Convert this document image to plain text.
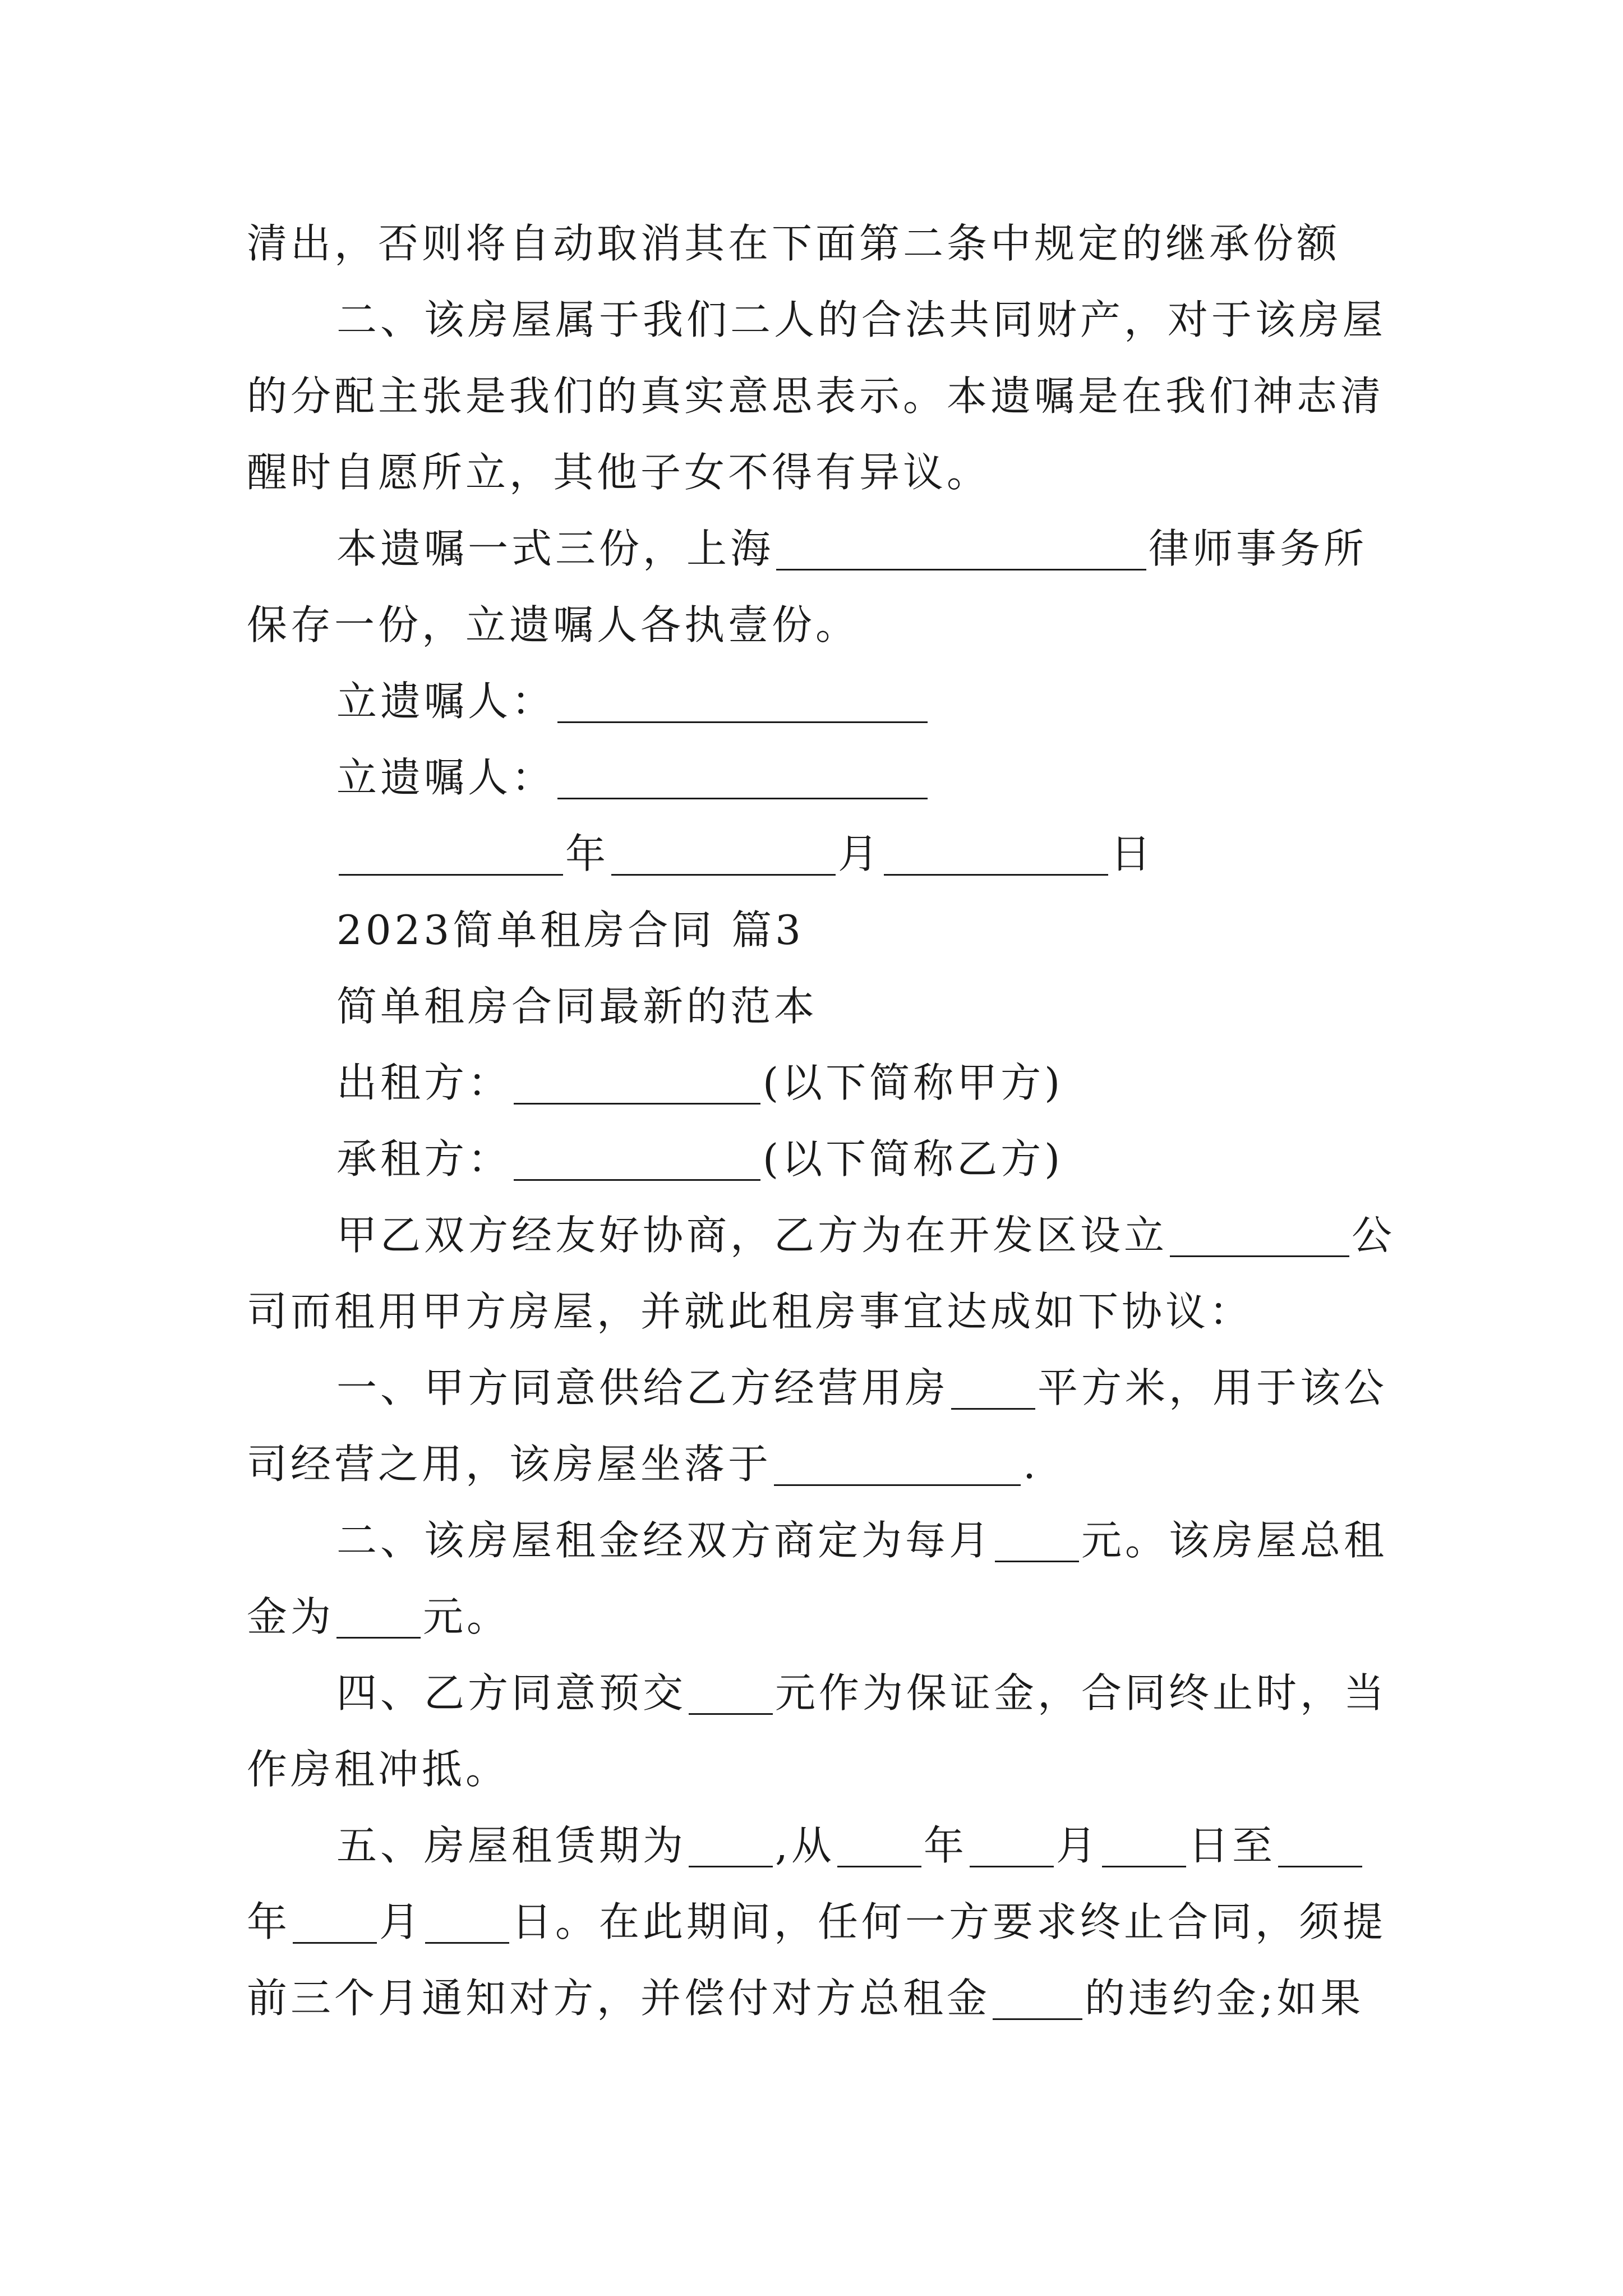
清出，否则将自动取消其在下面第二条中规定的继承份额
二、该房屋属于我们二人的合法共同财产，对于该房屋
的分配主张是我们的真实意思表示。本遗嘱是在我们神志清
醒时自愿所立，其他子女不得有异议。
本遗嘱一式三份，上海	律师事务所
保存一份，立遗嘱人各执壹份。
立遗嘱人：
立遗嘱人：
年	月	日
2023简单租房合同 篇3
简单租房合同最新的范本
出租方：	(以下简称甲方)
承租方：	(以下简称乙方)
甲乙双方经友好协商，乙方为在开发区设立	公
司而租用甲方房屋，并就此租房事宜达成如下协议：
一、甲方同意供给乙方经营用房 平方米，用于该公
司经营之用，该房屋坐落于	.
二、该房屋租金经双方商定为每月 元。该房屋总租
金为 元。
四、乙方同意预交 元作为保证金，合同终止时，当
作房租冲抵。
五、房屋租赁期为 ,从 年 月 日至
年 月 日。在此期间，任何一方要求终止合同，须提
前三个月通知对方，并偿付对方总租金 的违约金;如果
